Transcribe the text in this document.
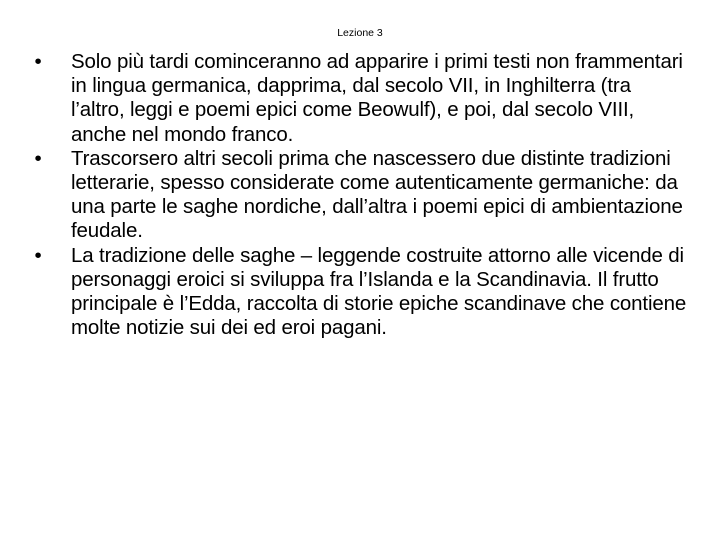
Lezione 3
•	Solo più tardi cominceranno ad apparire i primi testi non frammentari in lingua germanica, dapprima, dal secolo VII, in Inghilterra (tra l’altro, leggi e poemi epici come Beowulf), e poi, dal secolo VIII, anche nel mondo franco.
•	Trascorsero altri secoli prima che nascessero due distinte tradizioni letterarie, spesso considerate come autenticamente germaniche: da una parte le saghe nordiche, dall’altra i poemi epici di ambientazione feudale.
•	La tradizione delle saghe – leggende costruite attorno alle vicende di personaggi eroici si sviluppa fra l’Islanda e la Scandinavia. Il frutto principale è l’Edda, raccolta di storie epiche scandinave che contiene molte notizie sui dei ed eroi pagani.
